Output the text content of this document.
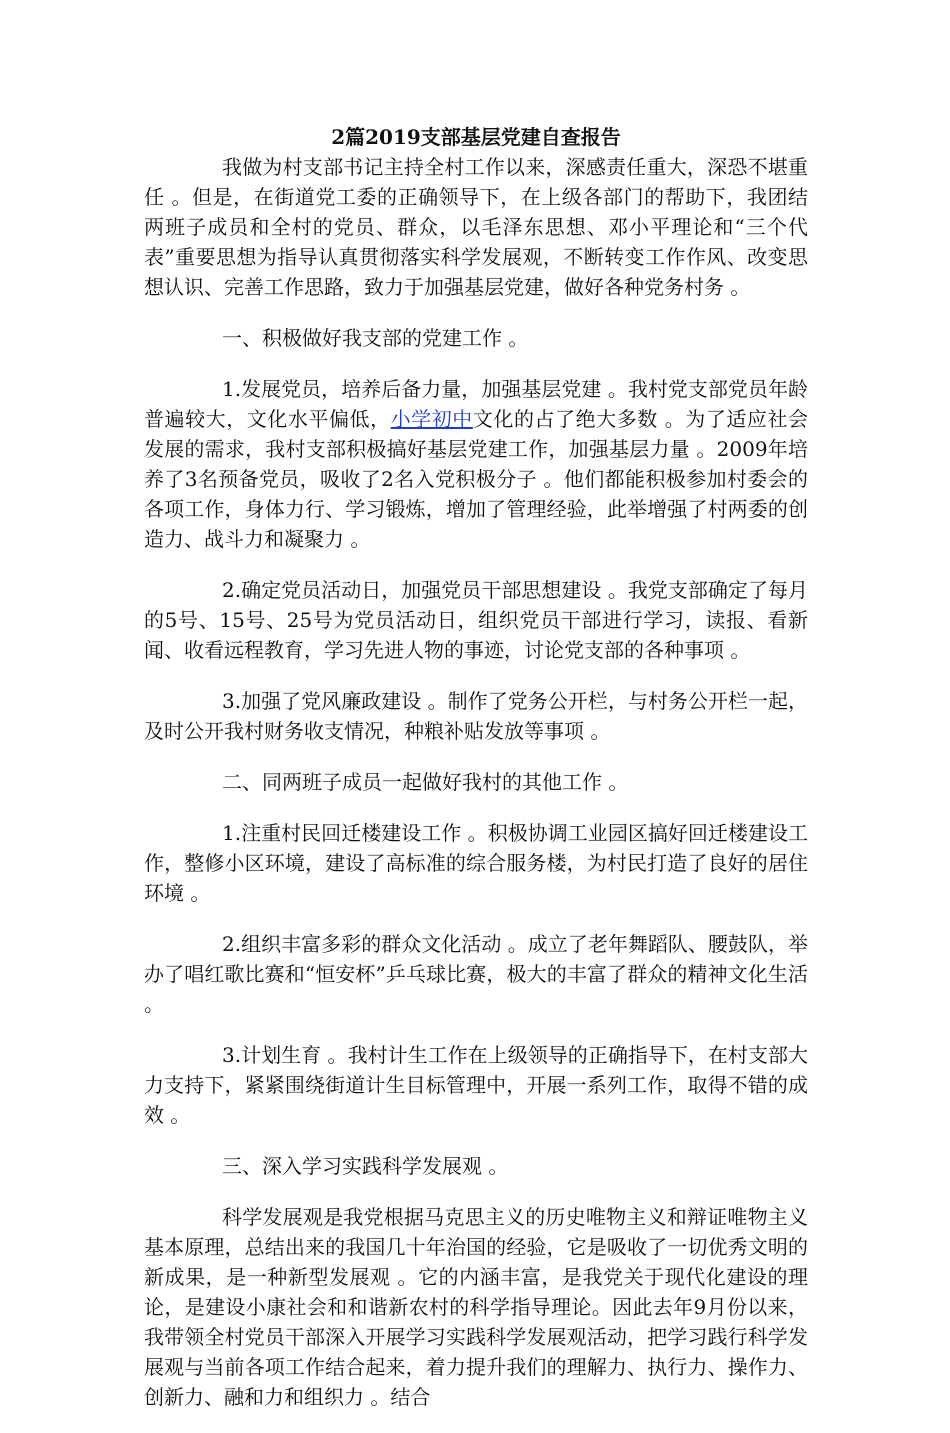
2篇2019支部基层党建自查报告

我做为村支部书记主持全村工作以来，深感责任重大，深恐不堪重任 。但是，在街道党工委的正确领导下，在上级各部门的帮助下，我团结两班子成员和全村的党员、群众，以毛泽东思想、邓小平理论和“三个代表”重要思想为指导认真贯彻落实科学发展观，不断转变工作作风、改变思想认识、完善工作思路，致力于加强基层党建，做好各种党务村务 。

一、积极做好我支部的党建工作 。

1.发展党员，培养后备力量，加强基层党建 。我村党支部党员年龄普遍较大，文化水平偏低，小学初中文化的占了绝大多数 。为了适应社会发展的需求，我村支部积极搞好基层党建工作，加强基层力量 。2009年培养了3名预备党员，吸收了2名入党积极分子 。他们都能积极参加村委会的各项工作，身体力行、学习锻炼，增加了管理经验，此举增强了村两委的创造力、战斗力和凝聚力 。

2.确定党员活动日，加强党员干部思想建设 。我党支部确定了每月的5号、15号、25号为党员活动日，组织党员干部进行学习，读报、看新闻、收看远程教育，学习先进人物的事迹，讨论党支部的各种事项 。

3.加强了党风廉政建设 。制作了党务公开栏，与村务公开栏一起，及时公开我村财务收支情况，种粮补贴发放等事项 。

二、同两班子成员一起做好我村的其他工作 。

1.注重村民回迁楼建设工作 。积极协调工业园区搞好回迁楼建设工作，整修小区环境，建设了高标准的综合服务楼，为村民打造了良好的居住环境 。

2.组织丰富多彩的群众文化活动 。成立了老年舞蹈队、腰鼓队，举办了唱红歌比赛和“恒安杯”乒乓球比赛，极大的丰富了群众的精神文化生活 。

3.计划生育 。我村计生工作在上级领导的正确指导下，在村支部大力支持下，紧紧围绕街道计生目标管理中，开展一系列工作，取得不错的成效 。

三、深入学习实践科学发展观 。

科学发展观是我党根据马克思主义的历史唯物主义和辩证唯物主义基本原理，总结出来的我国几十年治国的经验，它是吸收了一切优秀文明的新成果，是一种新型发展观 。它的内涵丰富，是我党关于现代化建设的理论，是建设小康社会和和谐新农村的科学指导理论。因此去年9月份以来，我带领全村党员干部深入开展学习实践科学发展观活动，把学习践行科学发展观与当前各项工作结合起来，着力提升我们的理解力、执行力、操作力、创新力、融和力和组织力 。结合
